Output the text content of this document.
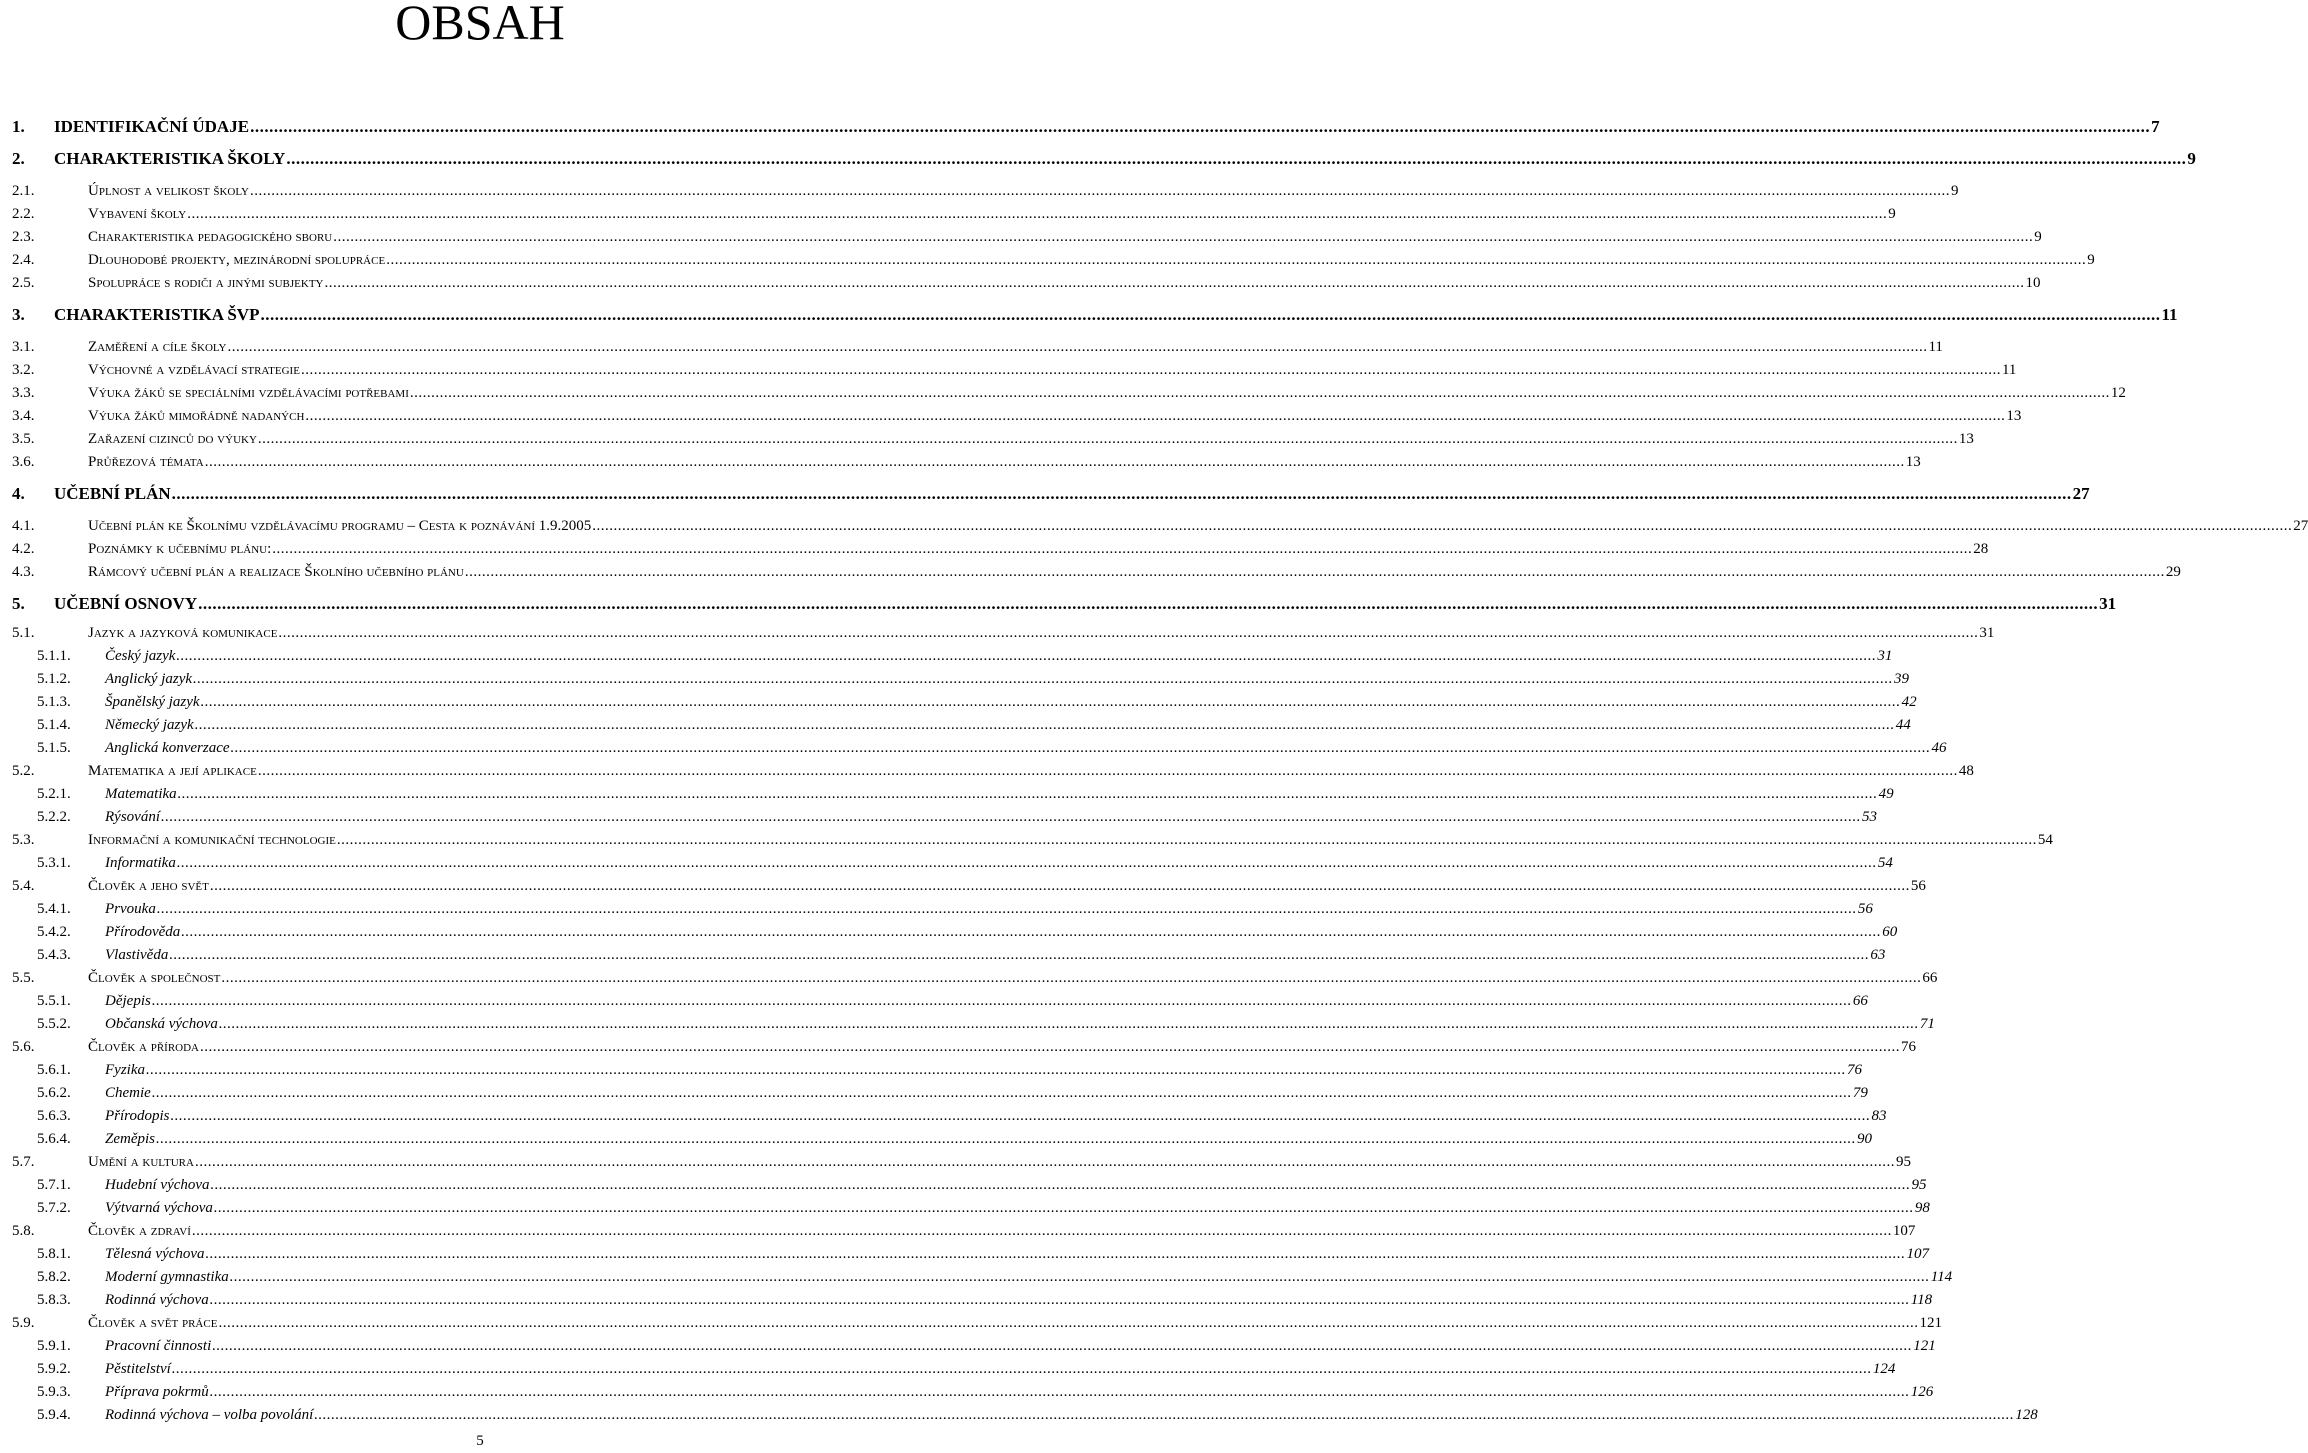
OBSAH
1. IDENTIFIKAČNÍ ÚDAJE ................................................................................................................................................................................................................................................................................................................................................................................................................ 7
2. CHARAKTERISTIKA ŠKOLY ................................................................................................................................................................................................................................................................................................................................................................................................................ 9
2.1.	Úplnost a velikost školy ................................................................................................................................................................................................................................................................................................................................................................................................................ 9
2.2.	Vybavení školy ................................................................................................................................................................................................................................................................................................................................................................................................................ 9
2.3.	Charakteristika pedagogického sboru ................................................................................................................................................................................................................................................................................................................................................................................................................ 9
2.4.	Dlouhodobé projekty, mezinárodní spolupráce ................................................................................................................................................................................................................................................................................................................................................................................................................ 9
2.5.	Spolupráce s rodiči a jinými subjekty ................................................................................................................................................................................................................................................................................................................................................................................................................ 10
3. CHARAKTERISTIKA ŠVP ................................................................................................................................................................................................................................................................................................................................................................................................................ 11
3.1.	Zaměření a cíle školy ................................................................................................................................................................................................................................................................................................................................................................................................................ 11
3.2.	Výchovné a vzdělávací strategie ................................................................................................................................................................................................................................................................................................................................................................................................................ 11
3.3.	Výuka žáků se speciálními vzdělávacími potřebami ................................................................................................................................................................................................................................................................................................................................................................................................................ 12
3.4.	Výuka žáků mimořádně nadaných ................................................................................................................................................................................................................................................................................................................................................................................................................ 13
3.5.	Zařazení cizinců do výuky ................................................................................................................................................................................................................................................................................................................................................................................................................ 13
3.6.	Průřezová témata ................................................................................................................................................................................................................................................................................................................................................................................................................ 13
4. UČEBNÍ PLÁN ................................................................................................................................................................................................................................................................................................................................................................................................................ 27
4.1.	Učební plán ke Školnímu vzdělávacímu programu – Cesta k poznávání 1.9.2005 ................................................................................................................................................................................................................................................................................................................................................................................................................ 27
4.2.	Poznámky k učebnímu plánu: ................................................................................................................................................................................................................................................................................................................................................................................................................ 28
4.3.	Rámcový učební plán a realizace Školního učebního plánu ................................................................................................................................................................................................................................................................................................................................................................................................................ 29
5. UČEBNÍ OSNOVY ................................................................................................................................................................................................................................................................................................................................................................................................................ 31
5.1.	Jazyk a jazyková komunikace ................................................................................................................................................................................................................................................................................................................................................................................................................ 31
5.1.1. Český jazyk ................................................................................................................................................................................................................................................................................................................................................................................................................ 31
5.1.2. Anglický jazyk ................................................................................................................................................................................................................................................................................................................................................................................................................ 39
5.1.3. Španělský jazyk ................................................................................................................................................................................................................................................................................................................................................................................................................ 42
5.1.4. Německý jazyk ................................................................................................................................................................................................................................................................................................................................................................................................................ 44
5.1.5. Anglická konverzace ................................................................................................................................................................................................................................................................................................................................................................................................................ 46
5.2.	Matematika a její aplikace ................................................................................................................................................................................................................................................................................................................................................................................................................ 48
5.2.1. Matematika ................................................................................................................................................................................................................................................................................................................................................................................................................ 49
5.2.2. Rýsování ................................................................................................................................................................................................................................................................................................................................................................................................................ 53
5.3.	Informační a komunikační technologie ................................................................................................................................................................................................................................................................................................................................................................................................................ 54
5.3.1. Informatika ................................................................................................................................................................................................................................................................................................................................................................................................................ 54
5.4.	Člověk a jeho svět ................................................................................................................................................................................................................................................................................................................................................................................................................ 56
5.4.1. Prvouka ................................................................................................................................................................................................................................................................................................................................................................................................................ 56
5.4.2. Přírodověda ................................................................................................................................................................................................................................................................................................................................................................................................................ 60
5.4.3. Vlastivěda ................................................................................................................................................................................................................................................................................................................................................................................................................ 63
5.5.	Člověk a společnost ................................................................................................................................................................................................................................................................................................................................................................................................................ 66
5.5.1. Dějepis ................................................................................................................................................................................................................................................................................................................................................................................................................ 66
5.5.2. Občanská výchova ................................................................................................................................................................................................................................................................................................................................................................................................................ 71
5.6.	Člověk a příroda ................................................................................................................................................................................................................................................................................................................................................................................................................ 76
5.6.1. Fyzika ................................................................................................................................................................................................................................................................................................................................................................................................................ 76
5.6.2. Chemie ................................................................................................................................................................................................................................................................................................................................................................................................................ 79
5.6.3. Přírodopis ................................................................................................................................................................................................................................................................................................................................................................................................................ 83
5.6.4. Zeměpis ................................................................................................................................................................................................................................................................................................................................................................................................................ 90
5.7.	Umění a kultura ................................................................................................................................................................................................................................................................................................................................................................................................................ 95
5.7.1. Hudební výchova ................................................................................................................................................................................................................................................................................................................................................................................................................ 95
5.7.2. Výtvarná výchova ................................................................................................................................................................................................................................................................................................................................................................................................................ 98
5.8.	Člověk a zdraví ................................................................................................................................................................................................................................................................................................................................................................................................................ 107
5.8.1. Tělesná výchova ................................................................................................................................................................................................................................................................................................................................................................................................................ 107
5.8.2. Moderní gymnastika ................................................................................................................................................................................................................................................................................................................................................................................................................ 114
5.8.3. Rodinná výchova ................................................................................................................................................................................................................................................................................................................................................................................................................ 118
5.9.	Člověk a svět práce ................................................................................................................................................................................................................................................................................................................................................................................................................ 121
5.9.1. Pracovní činnosti ................................................................................................................................................................................................................................................................................................................................................................................................................ 121
5.9.2. Pěstitelství ................................................................................................................................................................................................................................................................................................................................................................................................................ 124
5.9.3. Příprava pokrmů ................................................................................................................................................................................................................................................................................................................................................................................................................ 126
5.9.4. Rodinná výchova – volba povolání ................................................................................................................................................................................................................................................................................................................................................................................................................ 128
5
